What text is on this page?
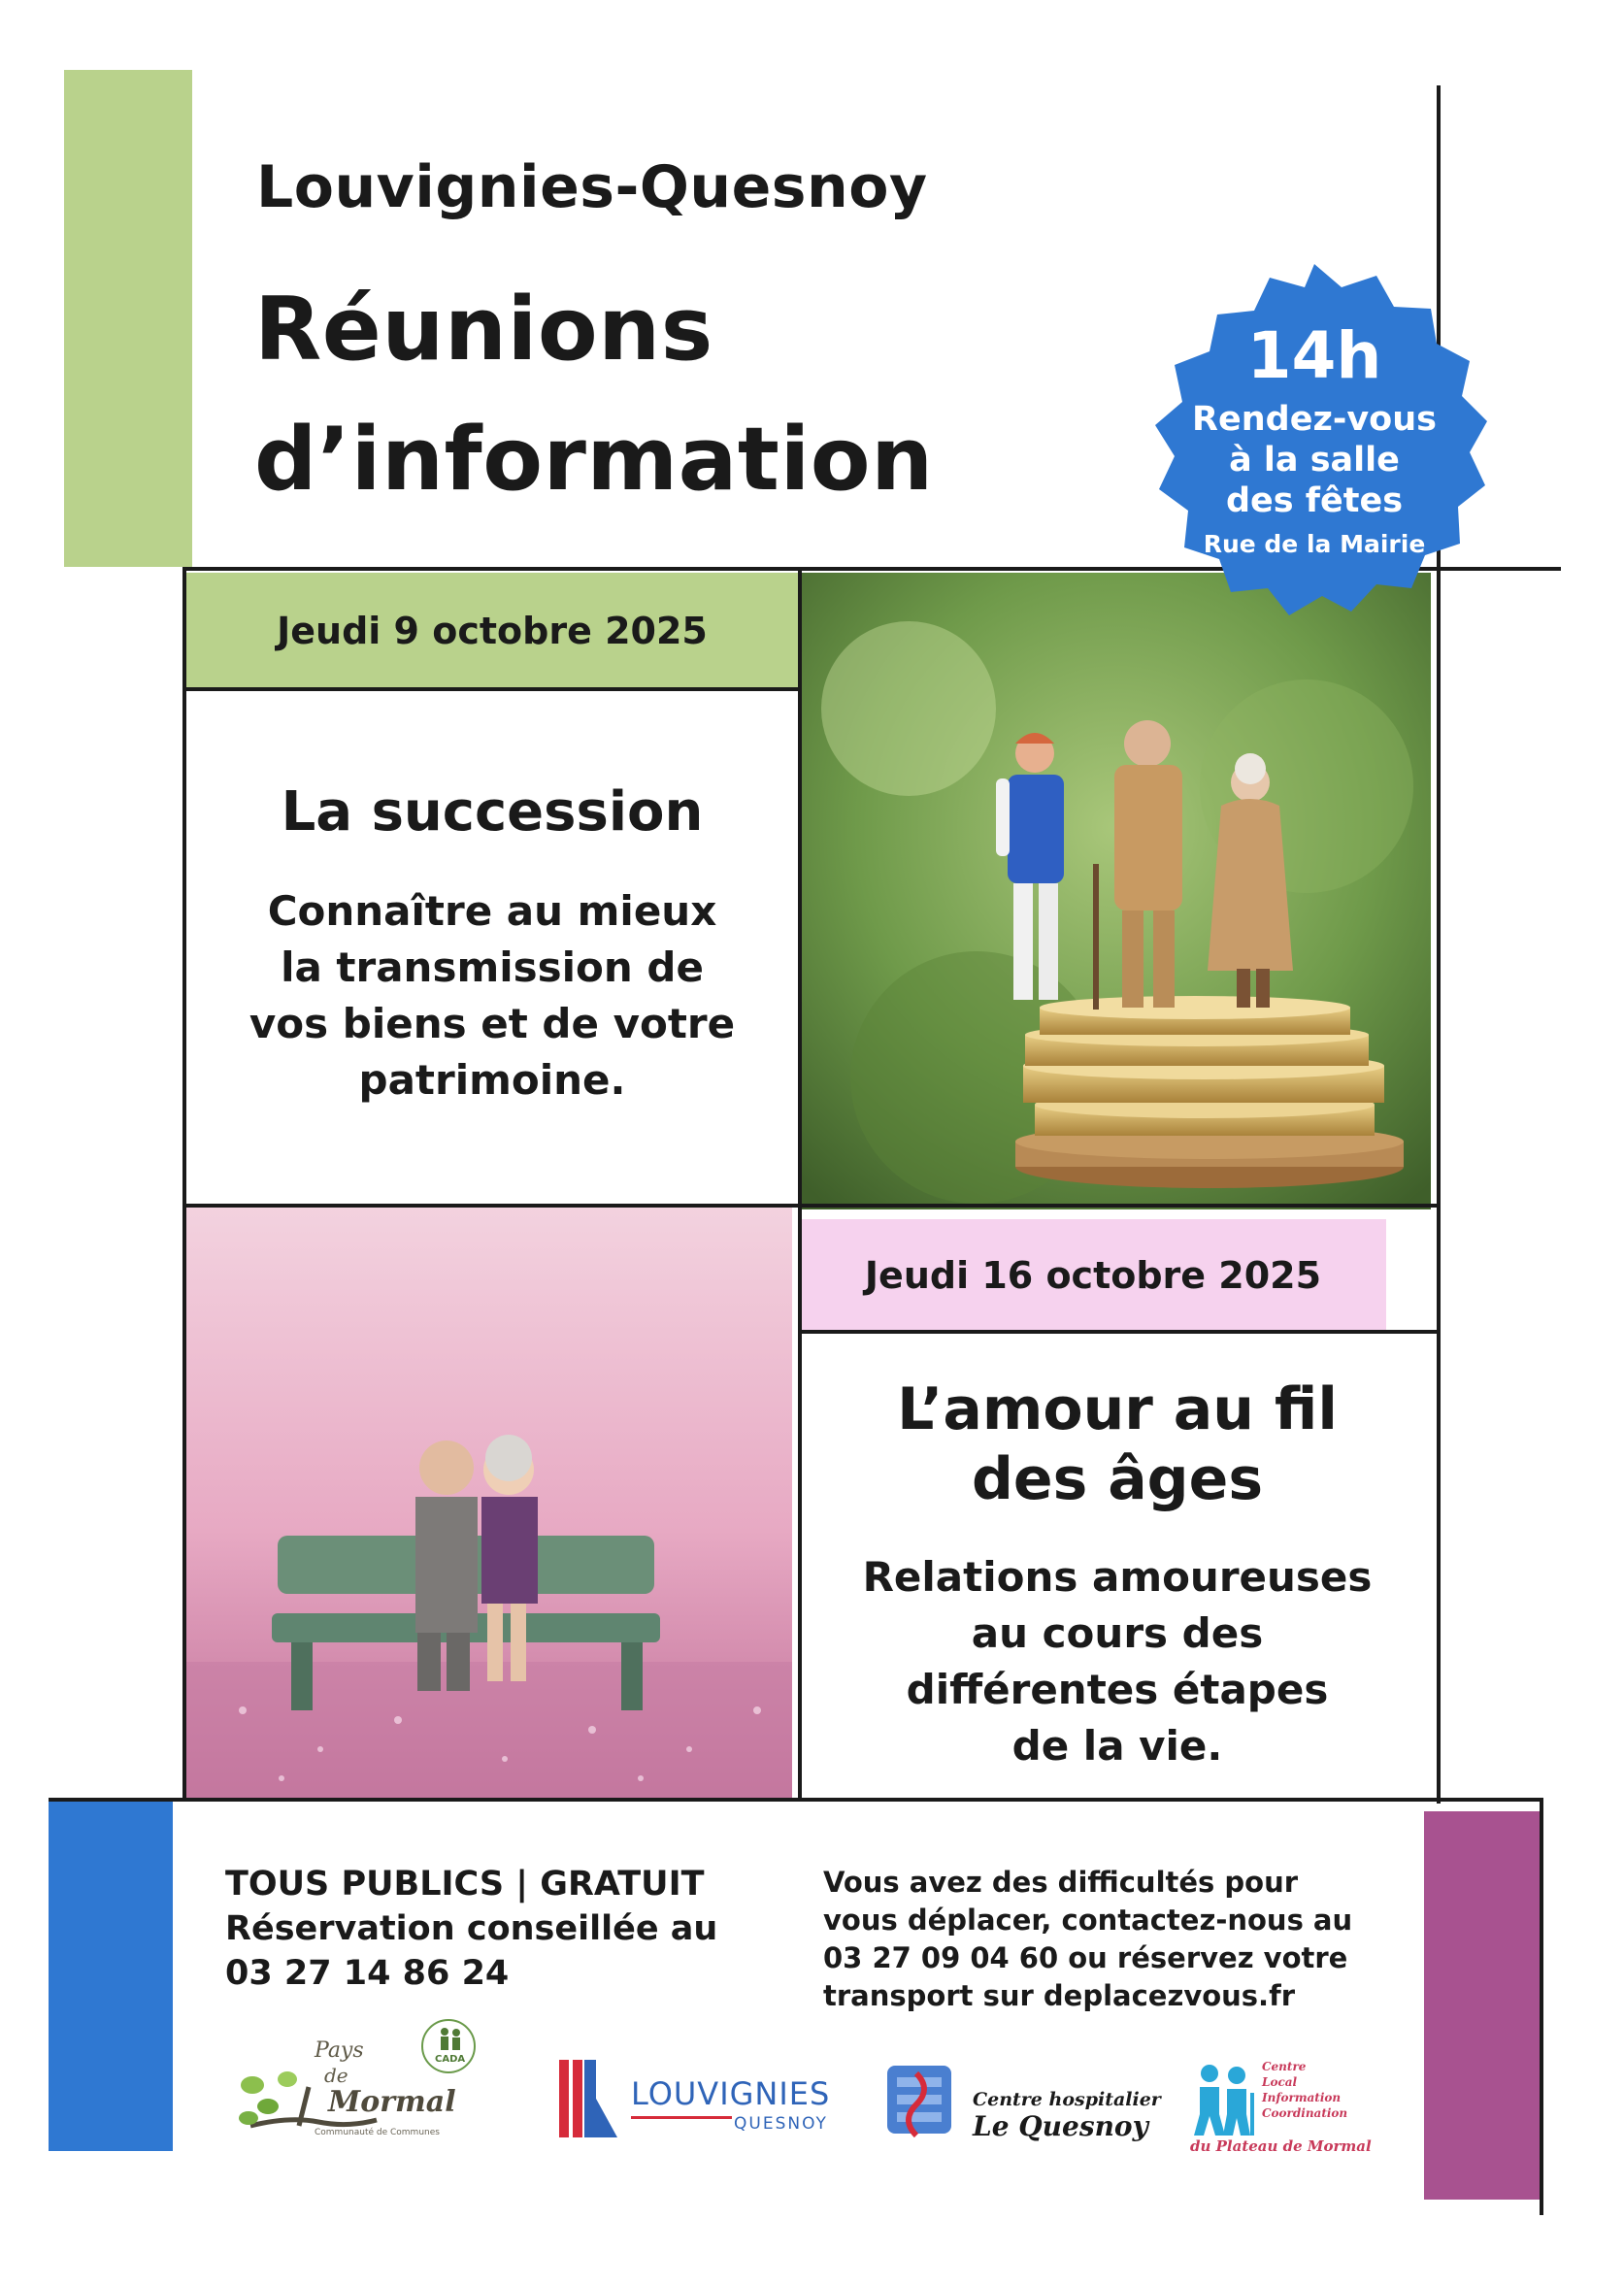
Louvignies-Quesnoy
Réunions
d’information
14h
Rendez-vous
à la salle
des fêtes
Rue de la Mairie
Jeudi 9 octobre 2025
La succession
Connaître au mieux
la transmission de
vos biens et de votre
patrimoine.
Jeudi 16 octobre 2025
L’amour au fil
des âges
Relations amoureuses
au cours des
différentes étapes
de la vie.
TOUS PUBLICS | GRATUIT
Réservation conseillée au
03 27 14 86 24
Vous avez des difficultés pour
vous déplacer, contactez-nous au
03 27 09 04 60 ou réservez votre
transport sur deplacezvous.fr
Pays
de
Mormal
Communauté de Communes
CADA
LOUVIGNIES
QUESNOY
Centre hospitalier
Le Quesnoy
Centre
Local
Information
Coordination
du Plateau de Mormal
